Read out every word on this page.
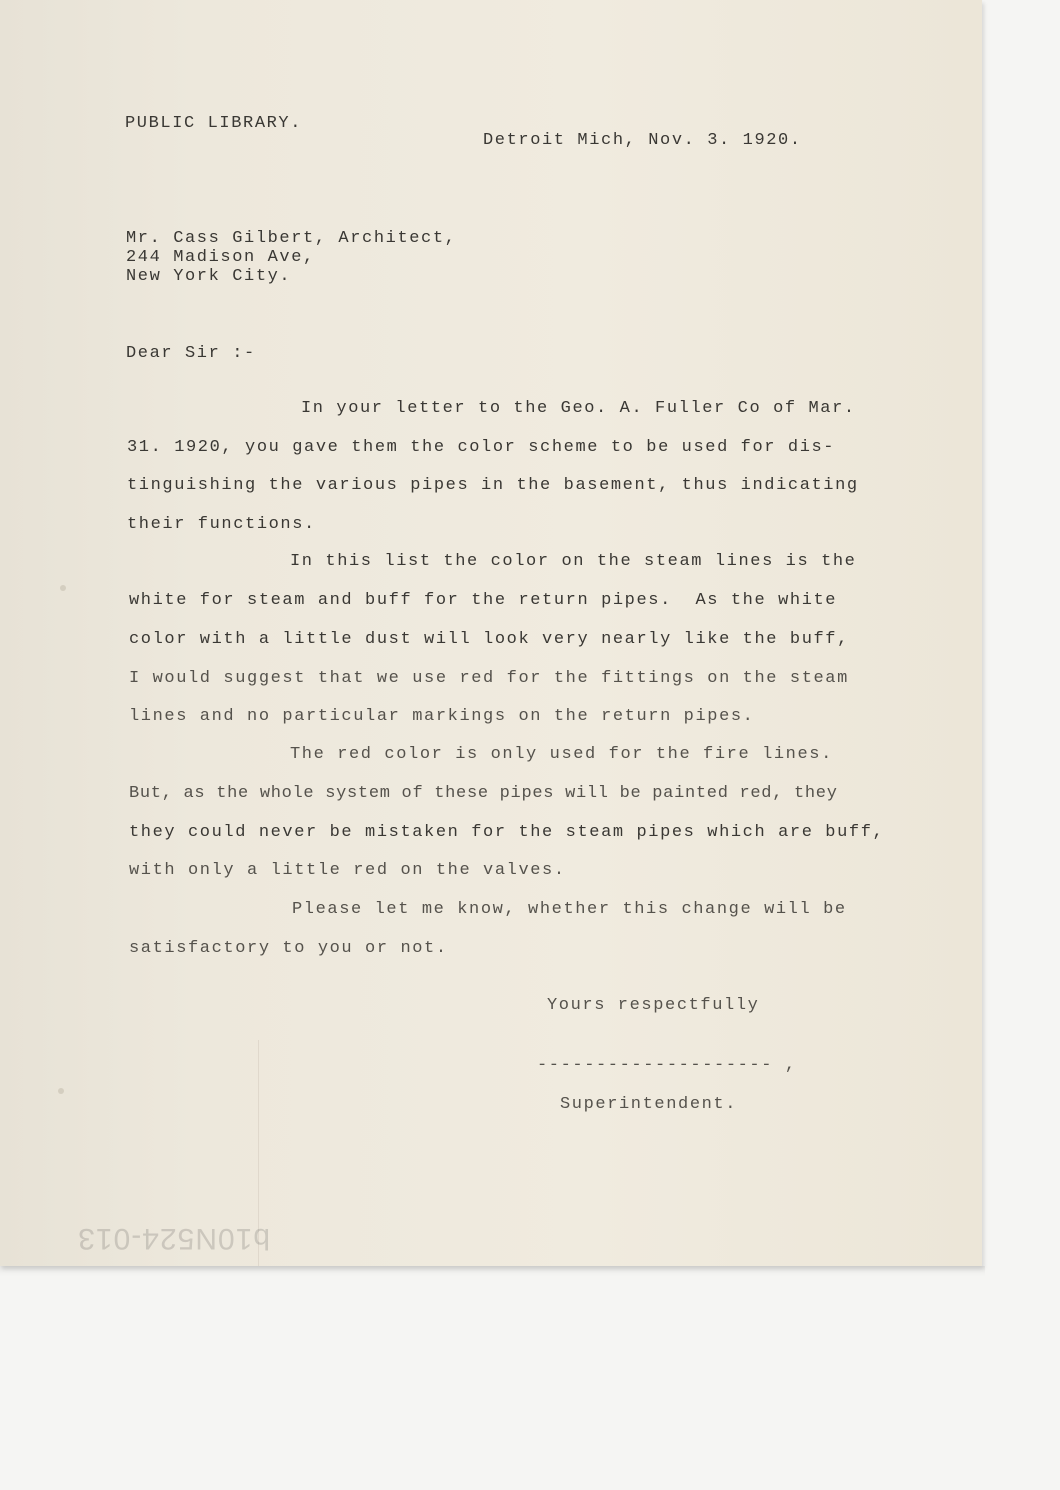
PUBLIC LIBRARY.

Detroit Mich, Nov. 3. 1920.

Mr. Cass Gilbert, Architect,

244 Madison Ave,

New York City.

Dear Sir :-

In your letter to the Geo. A. Fuller Co of Mar.

31. 1920, you gave them the color scheme to be used for dis-

tinguishing the various pipes in the basement, thus indicating

their functions.

In this list the color on the steam lines is the

white for steam and buff for the return pipes.  As the white

color with a little dust will look very nearly like the buff,

I would suggest that we use red for the fittings on the steam

lines and no particular markings on the return pipes.

The red color is only used for the fire lines.

But, as the whole system of these pipes will be painted red, they

they could never be mistaken for the steam pipes which are buff,

with only a little red on the valves.

Please let me know, whether this change will be

satisfactory to you or not.

Yours respectfully

-------------------- ,

Superintendent.

b10N524-013
